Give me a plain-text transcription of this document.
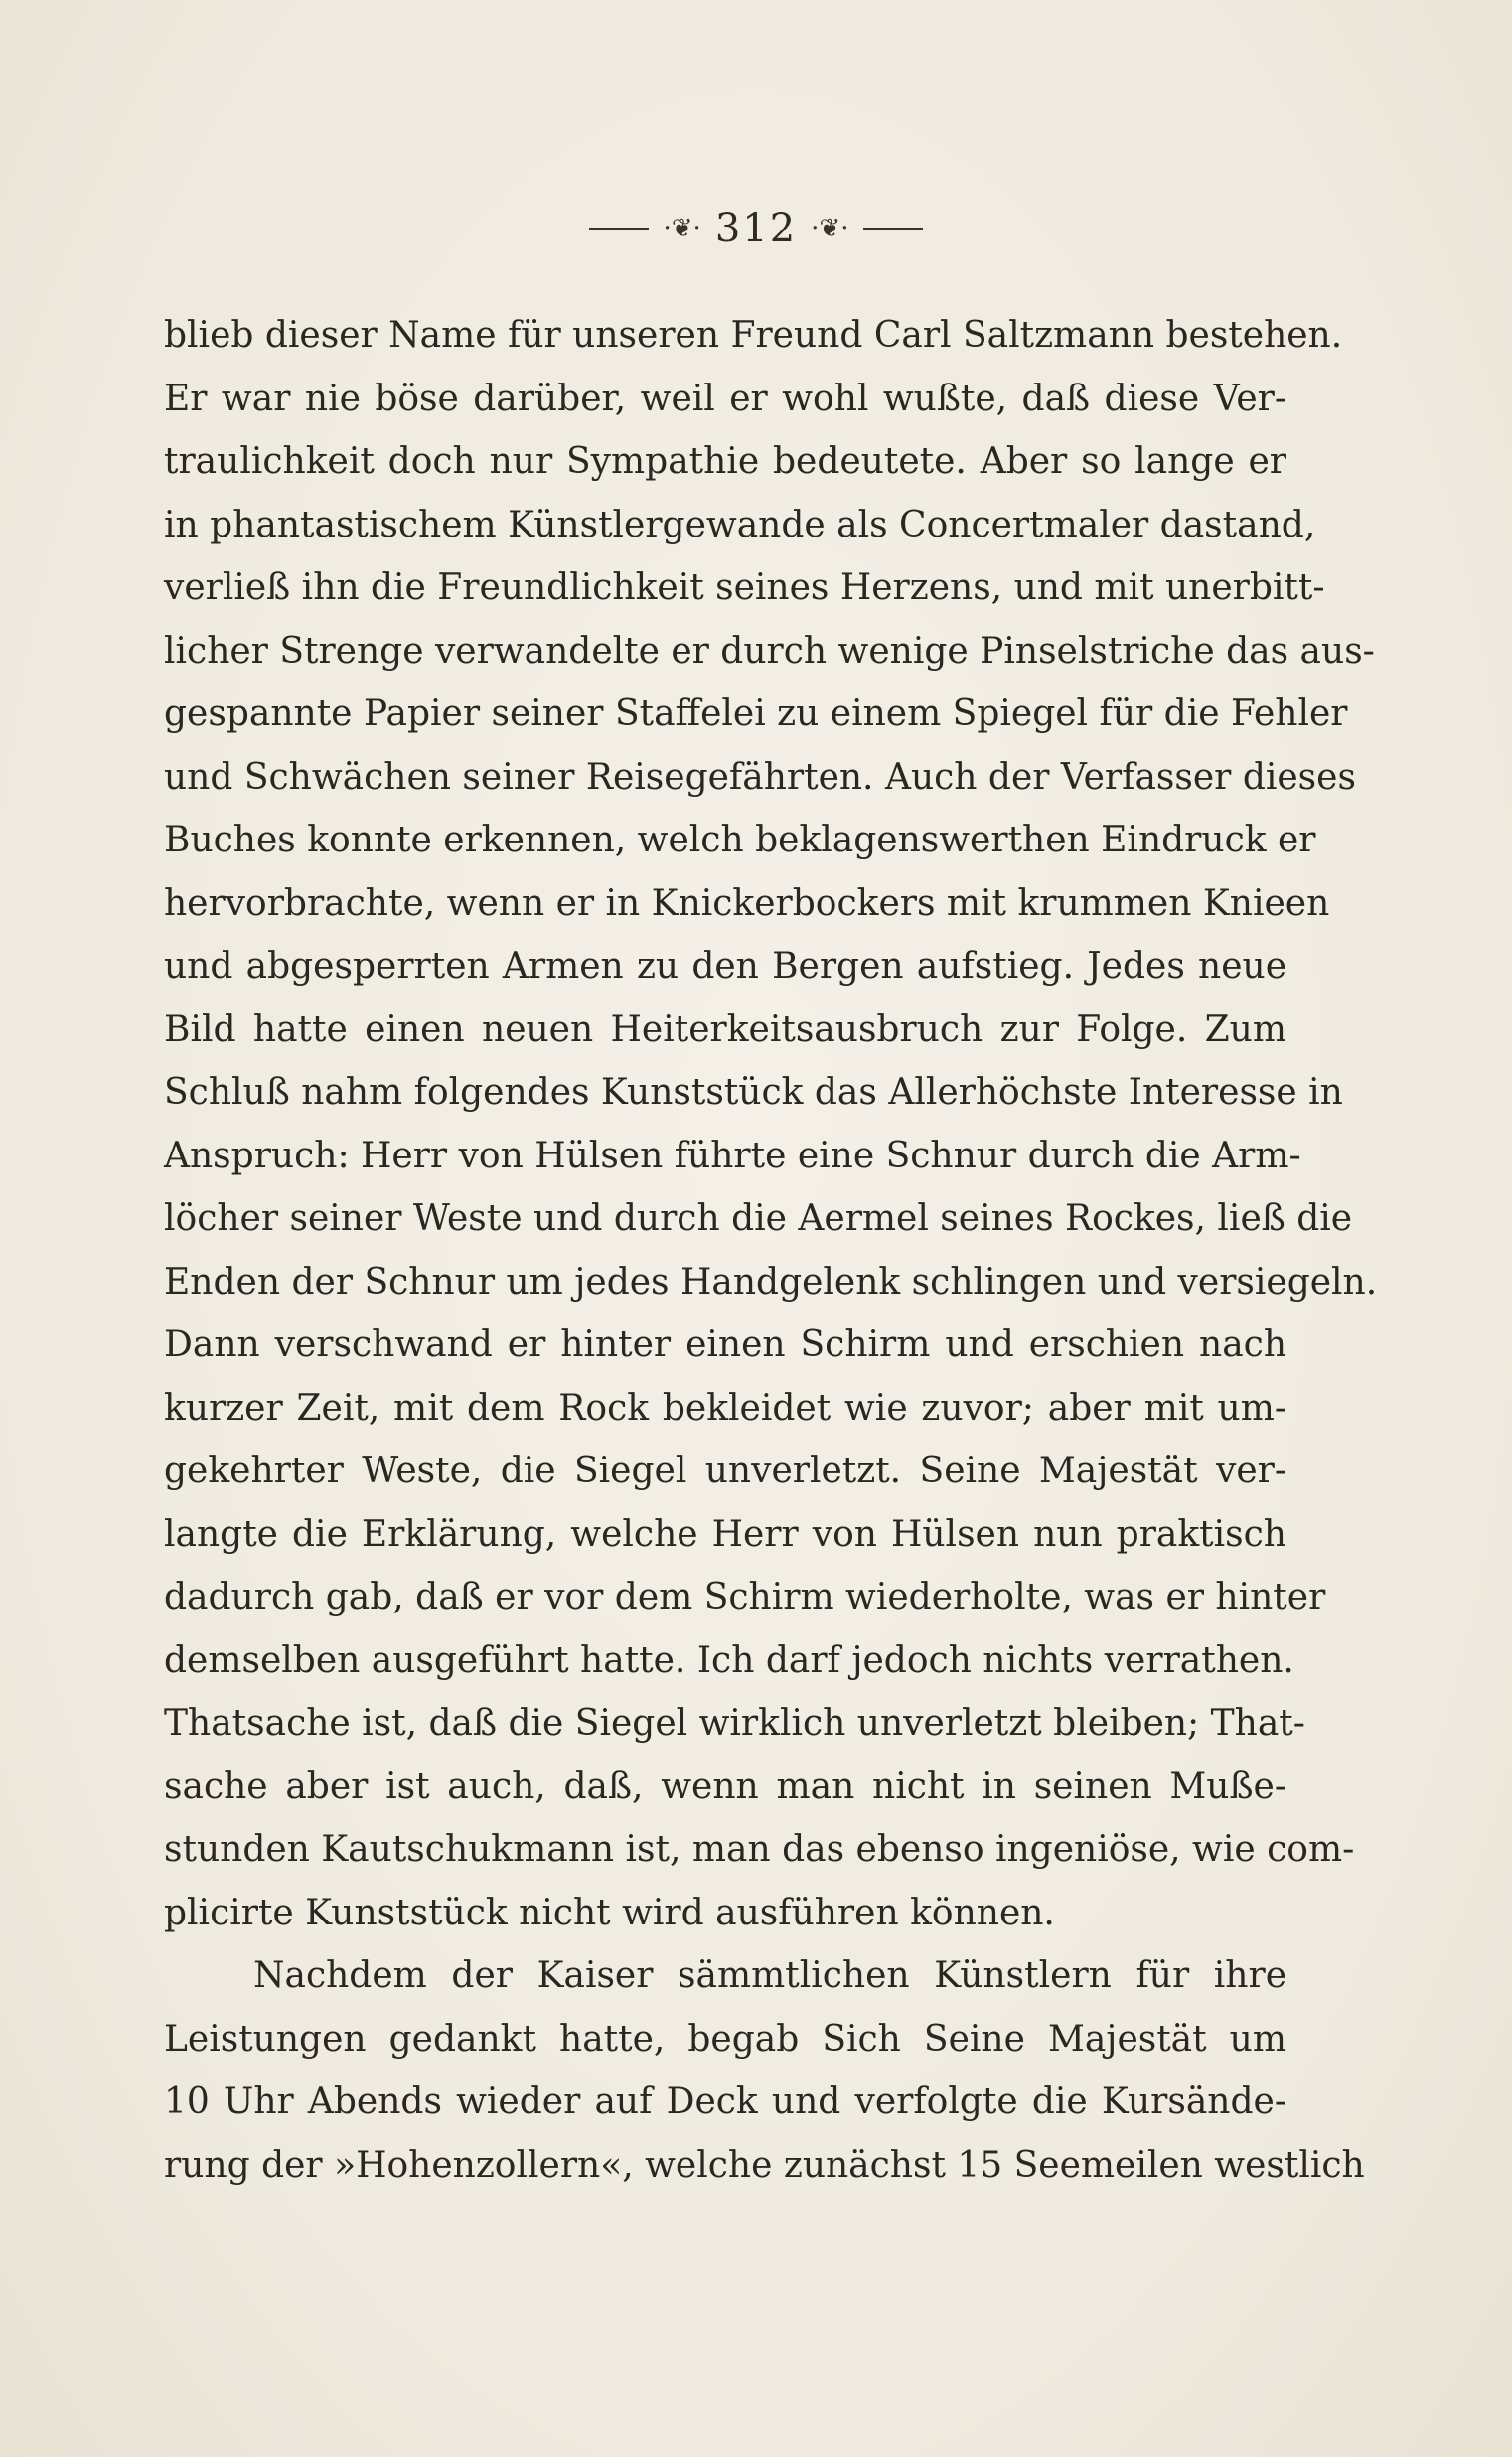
·❦· 312 ·❦·
blieb dieser Name für unseren Freund Carl Saltzmann bestehen.
Er war nie böse darüber, weil er wohl wußte, daß diese Ver-
traulichkeit doch nur Sympathie bedeutete. Aber so lange er
in phantastischem Künstlergewande als Concertmaler dastand,
verließ ihn die Freundlichkeit seines Herzens, und mit unerbitt-
licher Strenge verwandelte er durch wenige Pinselstriche das aus-
gespannte Papier seiner Staffelei zu einem Spiegel für die Fehler
und Schwächen seiner Reisegefährten. Auch der Verfasser dieses
Buches konnte erkennen, welch beklagenswerthen Eindruck er
hervorbrachte, wenn er in Knickerbockers mit krummen Knieen
und abgesperrten Armen zu den Bergen aufstieg. Jedes neue
Bild hatte einen neuen Heiterkeitsausbruch zur Folge. Zum
Schluß nahm folgendes Kunststück das Allerhöchste Interesse in
Anspruch: Herr von Hülsen führte eine Schnur durch die Arm-
löcher seiner Weste und durch die Aermel seines Rockes, ließ die
Enden der Schnur um jedes Handgelenk schlingen und versiegeln.
Dann verschwand er hinter einen Schirm und erschien nach
kurzer Zeit, mit dem Rock bekleidet wie zuvor; aber mit um-
gekehrter Weste, die Siegel unverletzt. Seine Majestät ver-
langte die Erklärung, welche Herr von Hülsen nun praktisch
dadurch gab, daß er vor dem Schirm wiederholte, was er hinter
demselben ausgeführt hatte. Ich darf jedoch nichts verrathen.
Thatsache ist, daß die Siegel wirklich unverletzt bleiben; That-
sache aber ist auch, daß, wenn man nicht in seinen Muße-
stunden Kautschukmann ist, man das ebenso ingeniöse, wie com-
plicirte Kunststück nicht wird ausführen können.
Nachdem der Kaiser sämmtlichen Künstlern für ihre
Leistungen gedankt hatte, begab Sich Seine Majestät um
10 Uhr Abends wieder auf Deck und verfolgte die Kursände-
rung der »Hohenzollern«, welche zunächst 15 Seemeilen westlich
